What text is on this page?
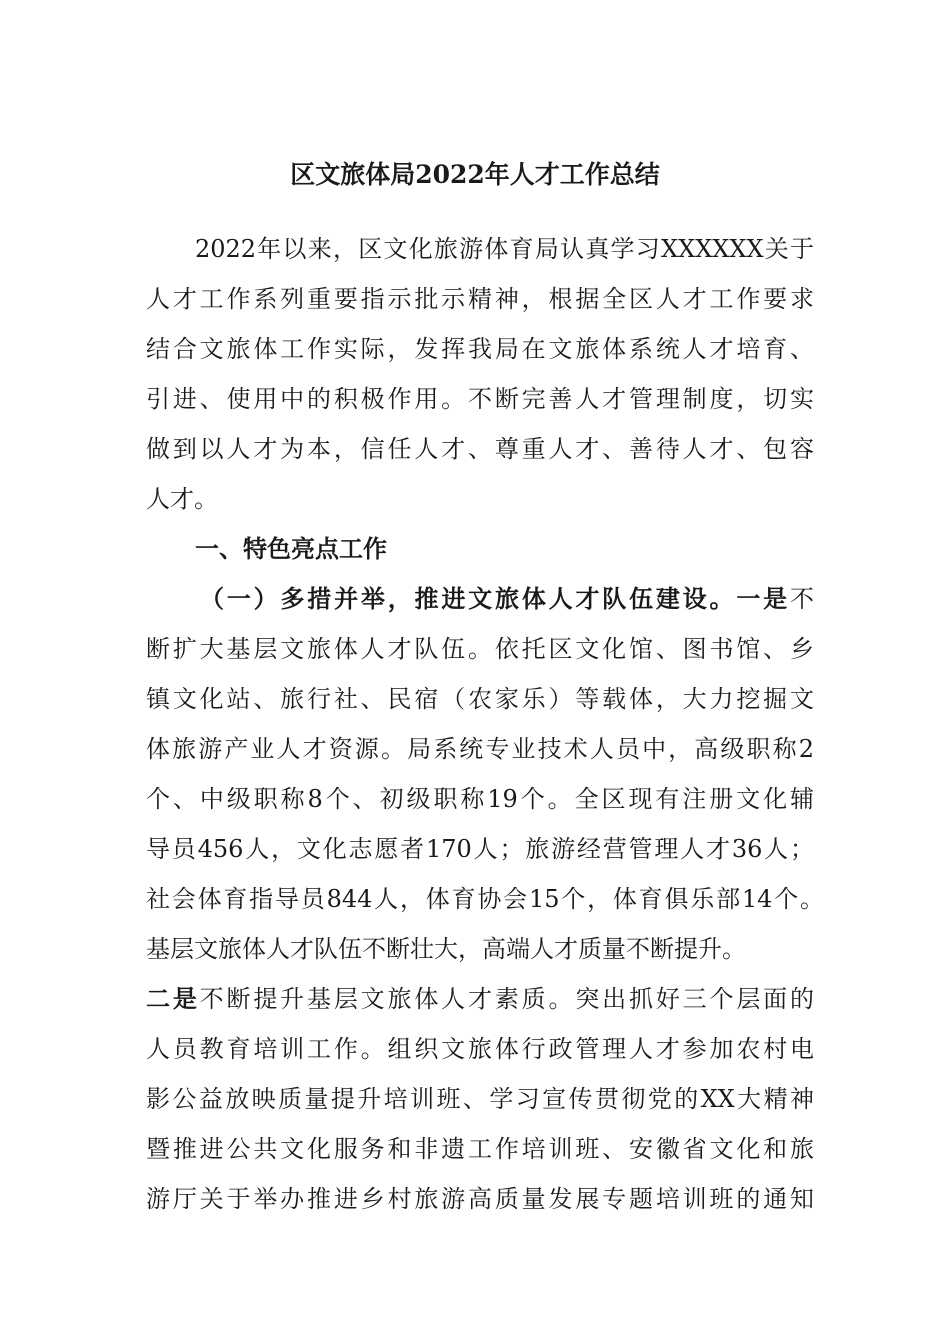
区文旅体局2022年人才工作总结
2022年以来，区文化旅游体育局认真学习XXXXXX关于
人才工作系列重要指示批示精神，根据全区人才工作要求
结合文旅体工作实际，发挥我局在文旅体系统人才培育、
引进、使用中的积极作用。不断完善人才管理制度，切实
做到以人才为本，信任人才、尊重人才、善待人才、包容
人才。
一、特色亮点工作
（一）多措并举，推进文旅体人才队伍建设。一是不
断扩大基层文旅体人才队伍。依托区文化馆、图书馆、乡
镇文化站、旅行社、民宿（农家乐）等载体，大力挖掘文
体旅游产业人才资源。局系统专业技术人员中，高级职称2
个、中级职称8个、初级职称19个。全区现有注册文化辅
导员456人，文化志愿者170人；旅游经营管理人才36人；
社会体育指导员844人，体育协会15个，体育俱乐部14个。
基层文旅体人才队伍不断壮大，高端人才质量不断提升。
二是不断提升基层文旅体人才素质。突出抓好三个层面的
人员教育培训工作。组织文旅体行政管理人才参加农村电
影公益放映质量提升培训班、学习宣传贯彻党的XX大精神
暨推进公共文化服务和非遗工作培训班、安徽省文化和旅
游厅关于举办推进乡村旅游高质量发展专题培训班的通知
